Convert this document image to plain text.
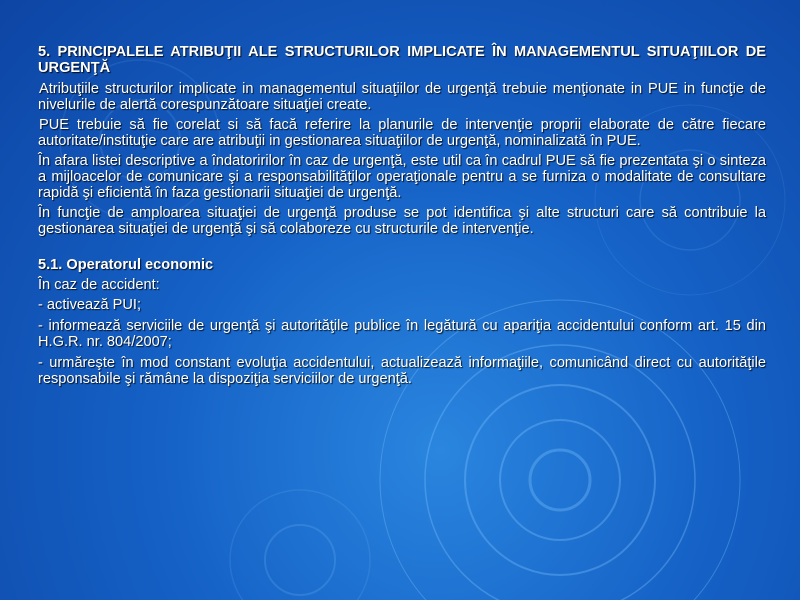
5. PRINCIPALELE ATRIBUŢII ALE STRUCTURILOR IMPLICATE ÎN MANAGEMENTUL SITUAŢIILOR DE URGENŢĂ

Atribuţiile structurilor implicate in managementul situaţiilor de urgenţă trebuie menţionate in PUE in funcţie de nivelurile de alertă corespunzătoare situaţiei create.

PUE trebuie să fie corelat si să facă referire la planurile de intervenţie proprii elaborate de către fiecare autoritate/instituţie care are atribuţii in gestionarea situaţiilor de urgenţă, nominalizată în PUE.

În afara listei descriptive a îndatoririlor în caz de urgenţă, este util ca în cadrul PUE să fie prezentata şi o sinteza a mijloacelor de comunicare şi a responsabilităţilor operaţionale pentru a se furniza o modalitate de consultare rapidă şi eficientă în faza gestionarii situaţiei de urgenţă.

În funcţie de amploarea situaţiei de urgenţă produse se pot identifica şi alte structuri care să contribuie la gestionarea situaţiei de urgenţă şi să colaboreze cu structurile de intervenţie.

5.1. Operatorul economic

În caz de accident:

- activează PUI;

- informează serviciile de urgenţă şi autorităţile publice în legătură cu apariţia accidentului conform art. 15 din H.G.R. nr. 804/2007;

- urmăreşte în mod constant evoluţia accidentului, actualizează informaţiile, comunicând direct cu autorităţile responsabile şi rămâne la dispoziţia serviciilor de urgenţă.
